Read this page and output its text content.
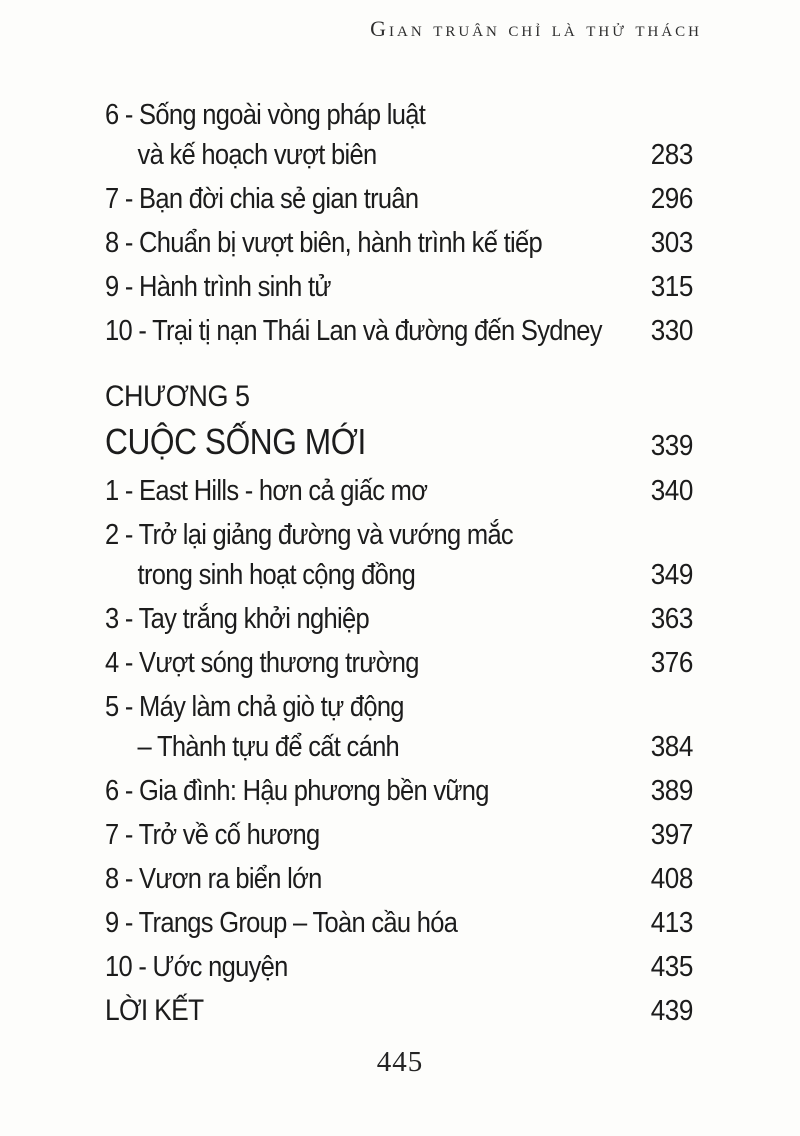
Gian truân chỉ là thử thách
6 - Sống ngoài vòng pháp luật
và kế hoạch vượt biên	283
7 - Bạn đời chia sẻ gian truân	296
8 - Chuẩn bị vượt biên, hành trình kế tiếp	303
9 - Hành trình sinh tử	315
10 - Trại tị nạn Thái Lan và đường đến Sydney	330
CHƯƠNG 5
CUỘC SỐNG MỚI	339
1 - East Hills - hơn cả giấc mơ	340
2 - Trở lại giảng đường và vướng mắc
trong sinh hoạt cộng đồng	349
3 - Tay trắng khởi nghiệp	363
4 - Vượt sóng thương trường	376
5 - Máy làm chả giò tự động
– Thành tựu để cất cánh	384
6 - Gia đình: Hậu phương bền vững	389
7 - Trở về cố hương	397
8 - Vươn ra biển lớn	408
9 - Trangs Group – Toàn cầu hóa	413
10 - Ước nguyện	435
LỜI KẾT	439
445
